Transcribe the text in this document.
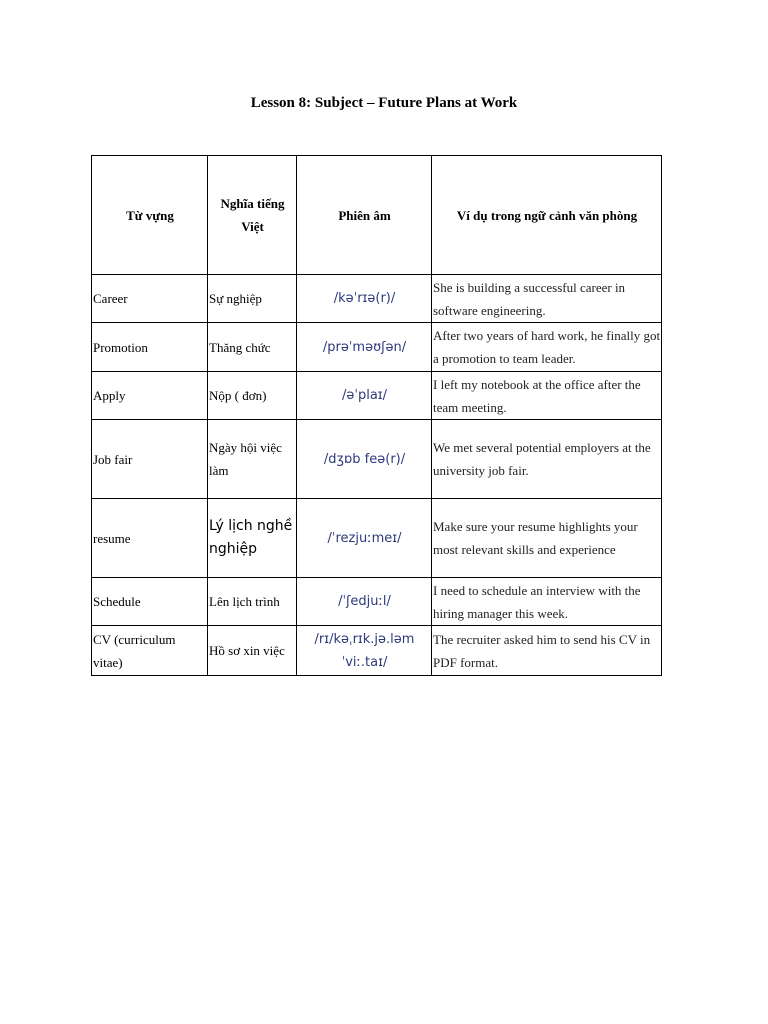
Lesson 8: Subject – Future Plans at Work
Từ vựng	Nghĩa tiếng Việt	Phiên âm	Ví dụ trong ngữ cảnh văn phòng
Career	Sự nghiệp	/kəˈrɪə(r)/	She is building a successful career in software engineering.
Promotion	Thăng chức	/prəˈməʊʃən/	After two years of hard work, he finally got a promotion to team leader.
Apply	Nộp ( đơn)	/əˈplaɪ/	I left my notebook at the office after the team meeting.
Job fair	Ngày hội việc làm	/dʒɒb feə(r)/	We met several potential employers at the university job fair.
resume	Lý lịch nghề nghiệp	/ˈrezjuːmeɪ/	Make sure your resume highlights your most relevant skills and experience
Schedule	Lên lịch trình	/ˈʃedjuːl/	I need to schedule an interview with the hiring manager this week.
CV (curriculum vitae)	Hồ sơ xin việc	/rɪ/kəˌrɪk.jə.ləm ˈviː.taɪ/	The recruiter asked him to send his CV in PDF format.
